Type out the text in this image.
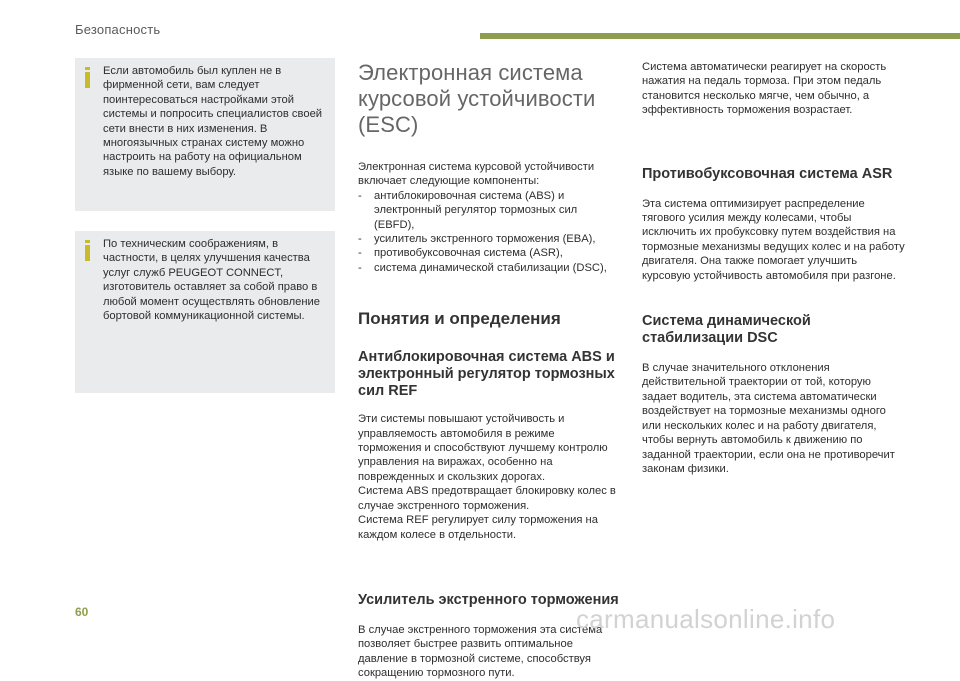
Безопасность
Если автомобиль был куплен не в фирменной сети, вам следует поинтересоваться настройками этой системы и попросить специалистов своей сети внести в них изменения. В многоязычных странах систему можно настроить на работу на официальном языке по вашему выбору.
По техническим соображениям, в частности, в целях улучшения качества услуг служб PEUGEOT CONNECT, изготовитель оставляет за собой право в любой момент осуществлять обновление бортовой коммуникационной системы.
Электронная система
курсовой устойчивости (ESC)

Электронная система курсовой устойчивости включает следующие компоненты:

- антиблокировочная система (ABS) и электронный регулятор тормозных сил (EBFD),
- усилитель экстренного торможения (EBA),
- противобуксовочная система (ASR),
- система динамической стабилизации (DSC),
Понятия и определения
Антиблокировочная система ABS и электронный регулятор тормозных сил REF

Эти системы повышают устойчивость и управляемость автомобиля в режиме торможения и способствуют лучшему контролю управления на виражах, особенно на поврежденных и скользких дорогах.

Система ABS предотвращает блокировку колес в случае экстренного торможения.

Система REF регулирует силу торможения на каждом колесе в отдельности.

Усилитель экстренного торможения

В случае экстренного торможения эта система позволяет быстрее развить оптимальное давление в тормозной системе, способствуя сокращению тормозного пути.

Система автоматически реагирует на скорость нажатия на педаль тормоза. При этом педаль становится несколько мягче, чем обычно, а эффективность торможения возрастает.

Противобуксовочная система ASR

Эта система оптимизирует распределение тягового усилия между колесами, чтобы исключить их пробуксовку путем воздействия на тормозные механизмы ведущих колес и на работу двигателя. Она также помогает улучшить курсовую устойчивость автомобиля при разгоне.

Система динамической стабилизации DSC

В случае значительного отклонения действительной траектории от той, которую задает водитель, эта система автоматически воздействует на тормозные механизмы одного или нескольких колес и на работу двигателя, чтобы вернуть автомобиль к движению по заданной траектории, если она не противоречит законам физики.

60	carmanualsonline.info
